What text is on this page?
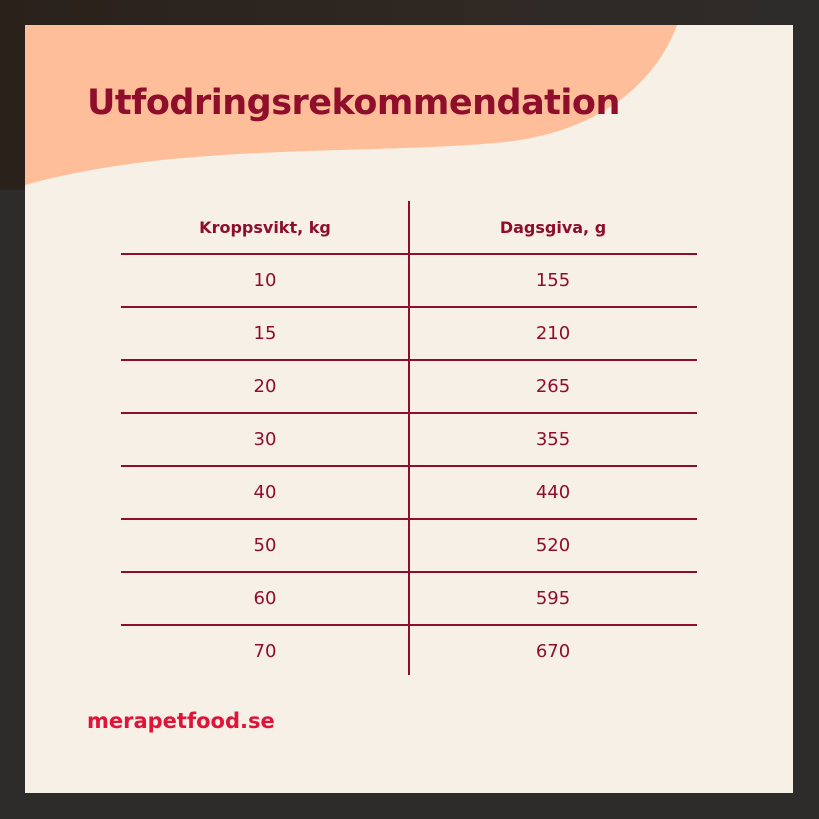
Utfodringsrekommendation
Kroppsvikt, kg	Dagsgiva, g
10	155
15	210
20	265
30	355
40	440
50	520
60	595
70	670

merapetfood.se
